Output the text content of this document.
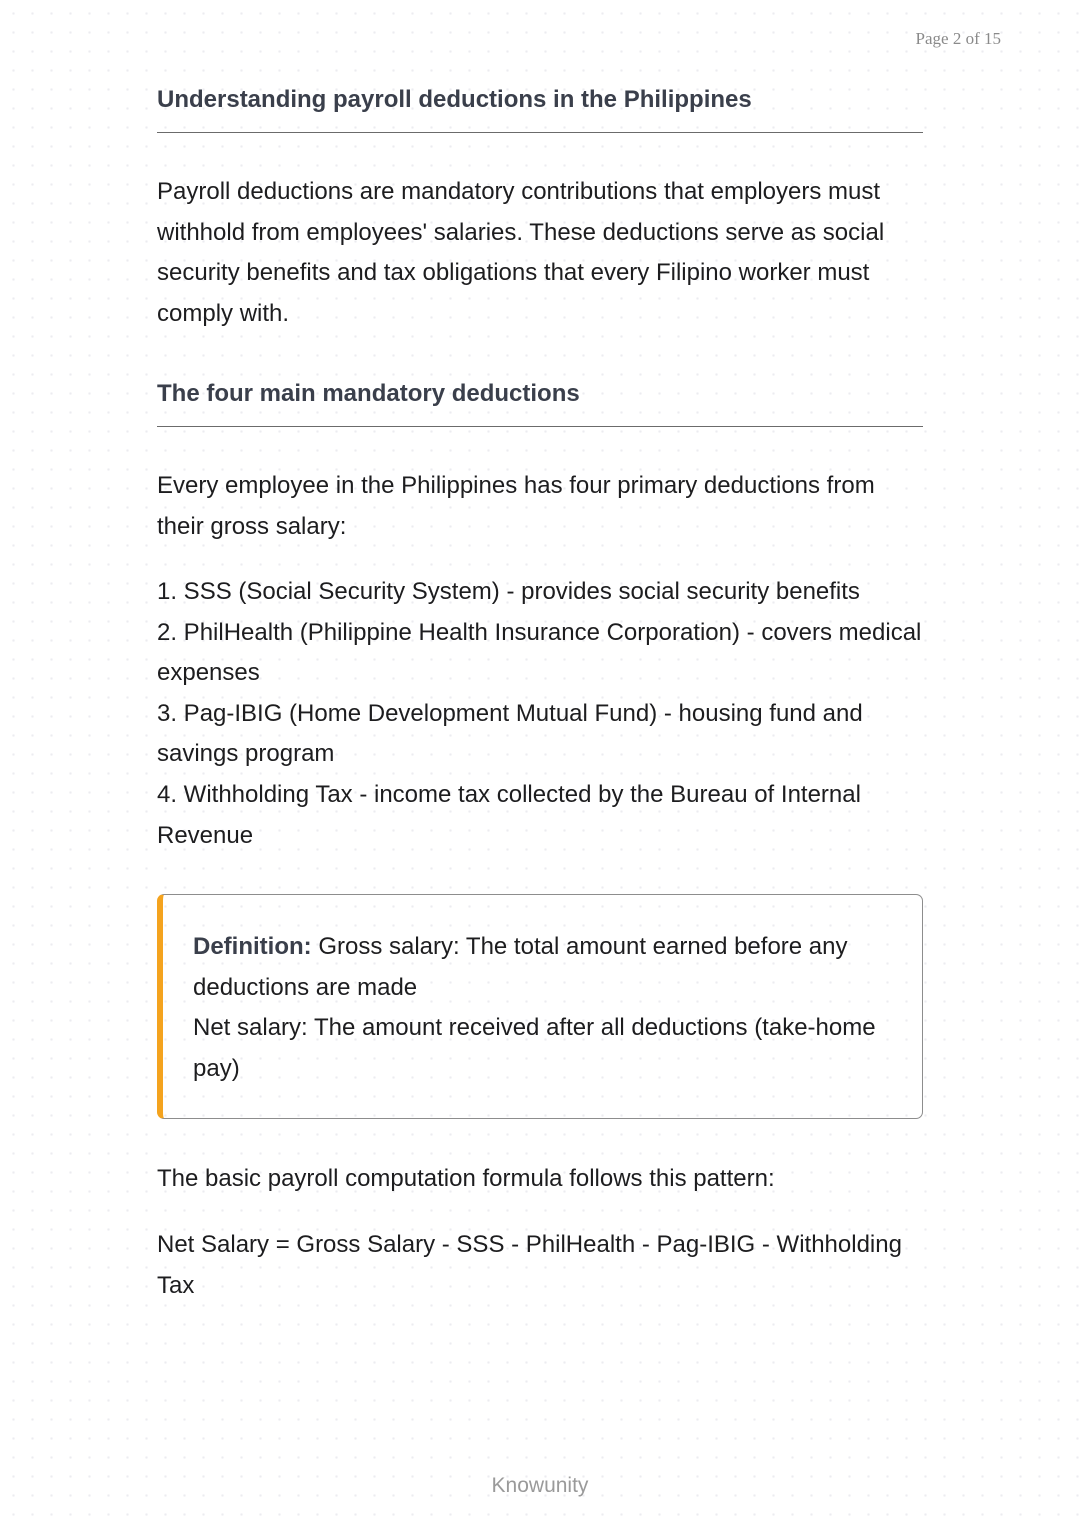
Page 2 of 15
Understanding payroll deductions in the Philippines

Payroll deductions are mandatory contributions that employers must withhold from employees' salaries. These deductions serve as social security benefits and tax obligations that every Filipino worker must comply with.

The four main mandatory deductions

Every employee in the Philippines has four primary deductions from their gross salary:

1. SSS (Social Security System) - provides social security benefits
2. PhilHealth (Philippine Health Insurance Corporation) - covers medical expenses
3. Pag-IBIG (Home Development Mutual Fund) - housing fund and savings program
4. Withholding Tax - income tax collected by the Bureau of Internal Revenue

Definition: Gross salary: The total amount earned before any deductions are made

Net salary: The amount received after all deductions (take-home pay)

The basic payroll computation formula follows this pattern:

Net Salary = Gross Salary - SSS - PhilHealth - Pag-IBIG - Withholding Tax

Knowunity
